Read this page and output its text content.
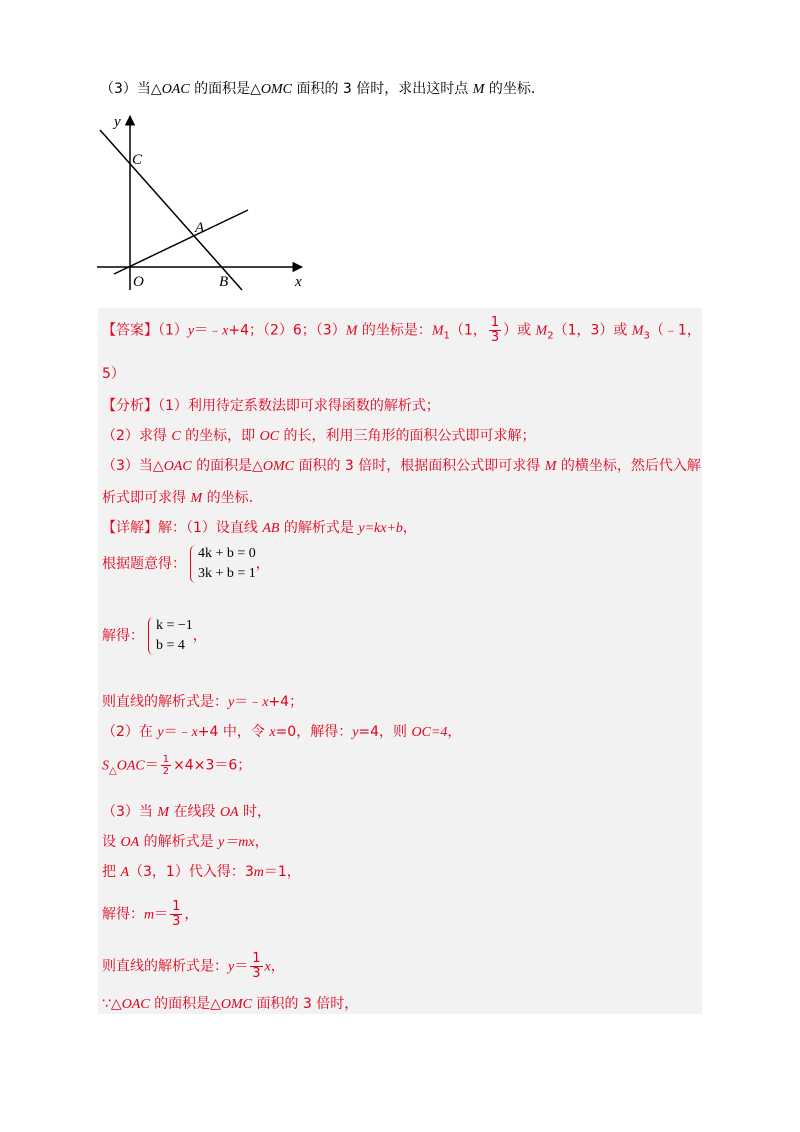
（3）当△OAC 的面积是△OMC 面积的 3 倍时，求出这时点 M 的坐标．
y
x
C
A
O	B
【答案】（1）y＝﹣x+4；（2）6；（3）M 的坐标是：$M_1(1$， $\frac{1}{3}$ ）或 $M_2(1$，3）或 $M_3(﹣1$，
5）
【分析】（1）利用待定系数法即可求得函数的解析式；
（2）求得 C 的坐标，即 OC 的长，利用三角形的面积公式即可求解；
（3）当△OAC 的面积是△OMC 面积的 3 倍时，根据面积公式即可求得 M 的横坐标，然后代入解
析式即可求得 M 的坐标.
【详解】解：（1）设直线 AB 的解析式是 y=kx+b，
根据题意得：
4k + b = 0
3k + b = 1
，
解得：
k = −1
b = 4
，
则直线的解析式是：y＝﹣x+4；
（2）在 y＝﹣x+4 中，令 x=0，解得：y=4，则 OC=4，
$S_\triangle OAC= \frac{1}{2} \times 4\times 3=6$；
（3）当 M 在线段 OA 时，
设 OA 的解析式是 y＝mx，
把 A（3，1）代入得：3m＝1，
解得：$m= \frac{1}{3}$ ，
则直线的解析式是：$y= \frac{1}{3}$ x，
∵△OAC 的面积是△OMC 面积的 3 倍时，
